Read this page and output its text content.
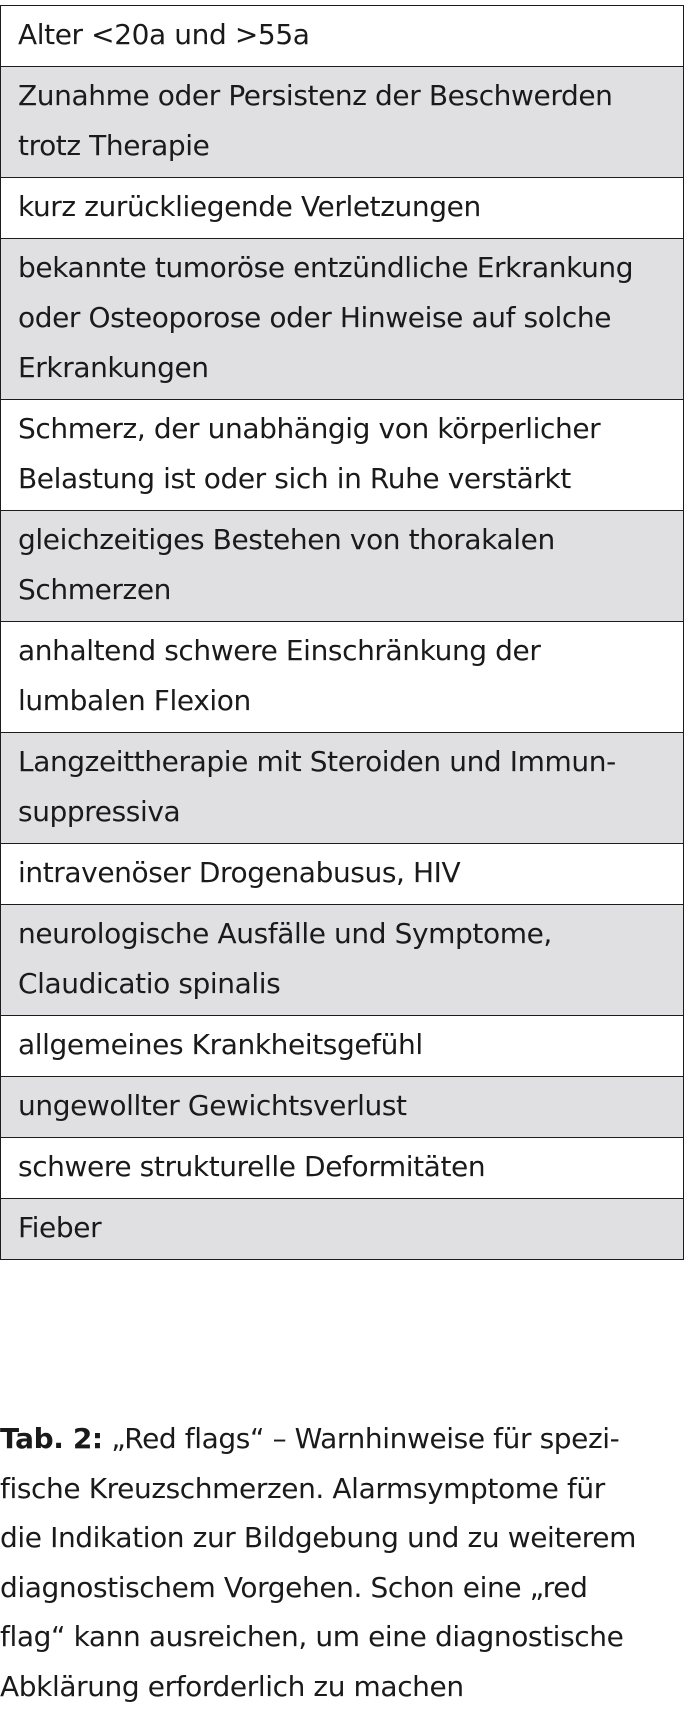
Alter <20a und >55a
Zunahme oder Persistenz der Beschwerden
trotz Therapie
kurz zurückliegende Verletzungen
bekannte tumoröse entzündliche Erkrankung
oder Osteoporose oder Hinweise auf solche
Erkrankungen
Schmerz, der unabhängig von körperlicher
Belastung ist oder sich in Ruhe verstärkt
gleichzeitiges Bestehen von thorakalen
Schmerzen
anhaltend schwere Einschränkung der
lumbalen Flexion
Langzeittherapie mit Steroiden und Immun-
suppressiva
intravenöser Drogenabusus, HIV
neurologische Ausfälle und Symptome,
Claudicatio spinalis
allgemeines Krankheitsgefühl
ungewollter Gewichtsverlust
schwere strukturelle Deformitäten
Fieber
Tab. 2: „Red flags“ – Warnhinweise für spezi-
fische Kreuzschmerzen. Alarmsymptome für
die Indikation zur Bildgebung und zu weiterem
diagnostischem Vorgehen. Schon eine „red
flag“ kann ausreichen, um eine diagnostische
Abklärung erforderlich zu machen
